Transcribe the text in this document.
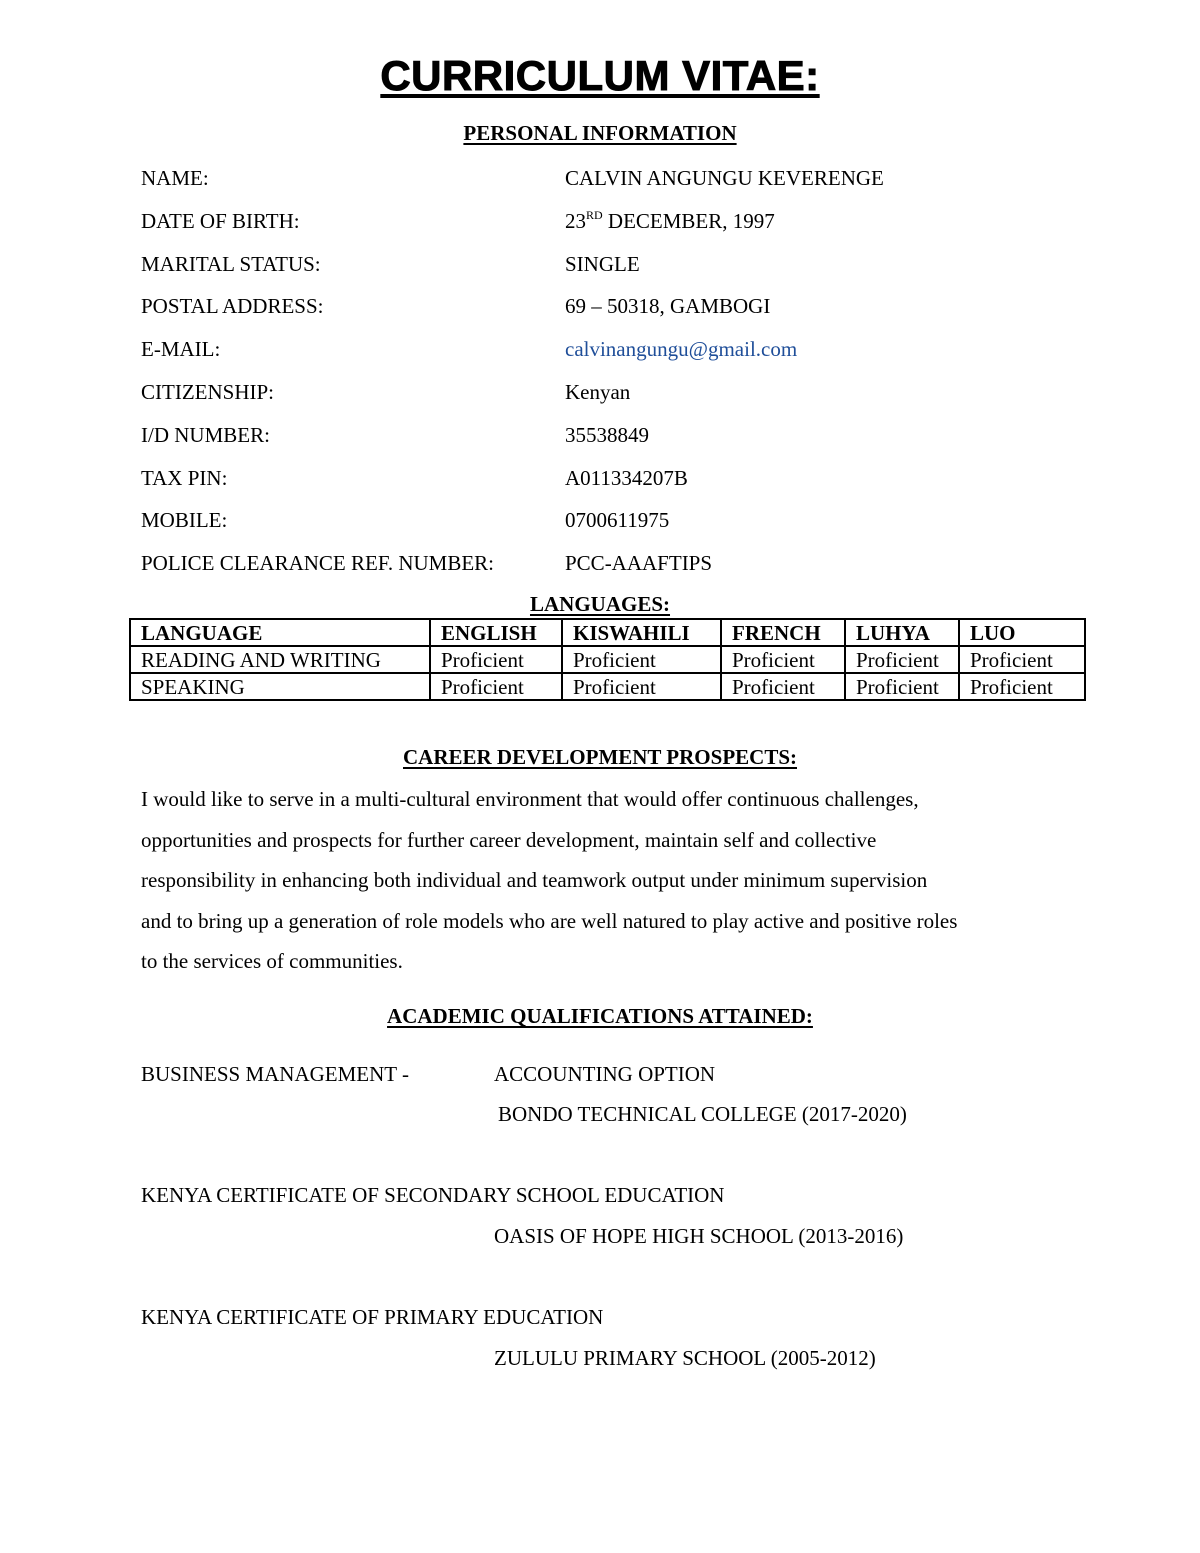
CURRICULUM VITAE:
PERSONAL INFORMATION
NAME:	CALVIN ANGUNGU KEVERENGE
DATE OF BIRTH:	23RD DECEMBER, 1997
MARITAL STATUS:	SINGLE
POSTAL ADDRESS:	69 – 50318, GAMBOGI
E-MAIL:	calvinangungu@gmail.com
CITIZENSHIP:	Kenyan
I/D NUMBER:	35538849
TAX PIN:	A011334207B
MOBILE:	0700611975
POLICE CLEARANCE REF. NUMBER:	PCC-AAAFTIPS
LANGUAGES:
LANGUAGE	ENGLISH	KISWAHILI	FRENCH	LUHYA	LUO
READING AND WRITING	Proficient	Proficient	Proficient	Proficient	Proficient
SPEAKING	Proficient	Proficient	Proficient	Proficient	Proficient
CAREER DEVELOPMENT PROSPECTS:
I would like to serve in a multi-cultural environment that would offer continuous challenges,
opportunities and prospects for further career development, maintain self and collective
responsibility in enhancing both individual and teamwork output under minimum supervision
and to bring up a generation of role models who are well natured to play active and positive roles
to the services of communities.
ACADEMIC QUALIFICATIONS ATTAINED:
BUSINESS MANAGEMENT -	ACCOUNTING OPTION
BONDO TECHNICAL COLLEGE (2017-2020)
KENYA CERTIFICATE OF SECONDARY SCHOOL EDUCATION
OASIS OF HOPE HIGH SCHOOL (2013-2016)
KENYA CERTIFICATE OF PRIMARY EDUCATION
ZULULU PRIMARY SCHOOL (2005-2012)
